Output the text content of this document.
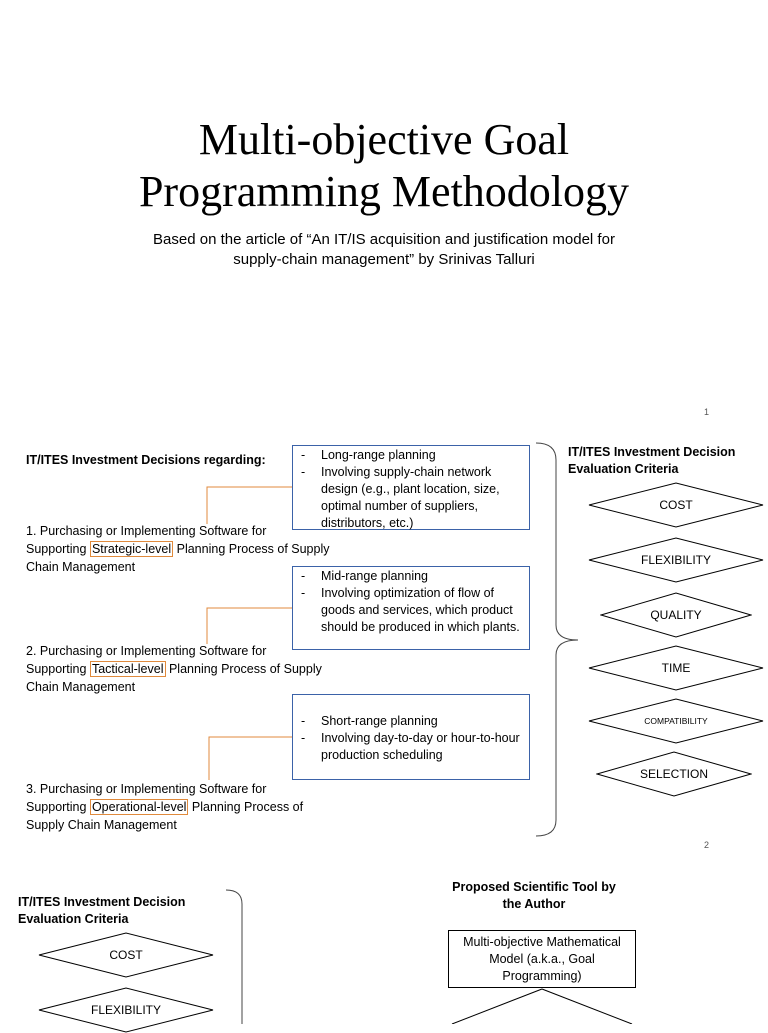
Multi-objective Goal
Programming Methodology
Based on the article of “An IT/IS acquisition and justification model for
supply-chain management” by Srinivas Talluri
1
IT/ITES Investment Decisions regarding:
1. Purchasing or Implementing Software for
Supporting Strategic-level Planning Process of Supply
Chain Management
2. Purchasing or Implementing Software for
Supporting Tactical-level Planning Process of Supply
Chain Management
3. Purchasing or Implementing Software for
Supporting Operational-level Planning Process of
Supply Chain Management
- Long-range planning
- Involving supply-chain network design (e.g., plant location, size, optimal number of suppliers, distributors, etc.)
- Mid-range planning
- Involving optimization of flow of goods and services, which product should be produced in which plants.
- Short-range planning
- Involving day-to-day or hour-to-hour production scheduling
IT/ITES Investment Decision
Evaluation Criteria
COST
FLEXIBILITY
QUALITY
TIME
COMPATIBILITY
SELECTION
2
IT/ITES Investment Decision
Evaluation Criteria
COST
FLEXIBILITY
Proposed Scientific Tool by
the Author
Multi-objective Mathematical
Model (a.k.a., Goal
Programming)
